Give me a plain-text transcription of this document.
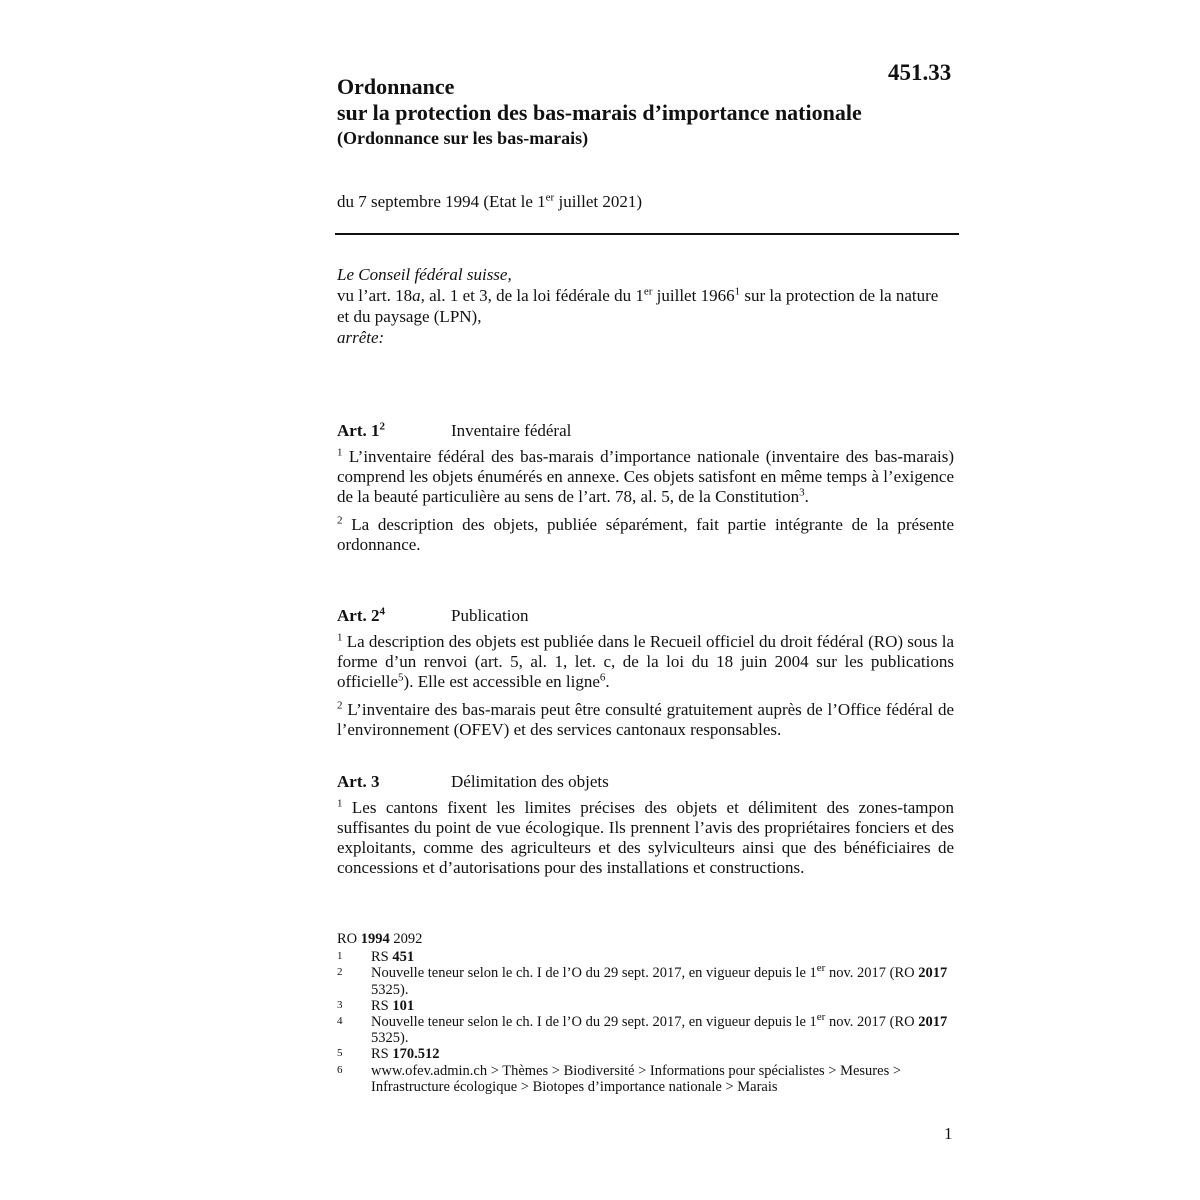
451.33
Ordonnance
sur la protection des bas-marais d’importance nationale
(Ordonnance sur les bas-marais)
du 7 septembre 1994 (Etat le 1er juillet 2021)
Le Conseil fédéral suisse,
vu l’art. 18a, al. 1 et 3, de la loi fédérale du 1er juillet 1966$^1$ sur la protection de la nature et du paysage (LPN),
arrête:
Art. $1^2$	Inventaire fédéral

$^1$ L’inventaire fédéral des bas-marais d’importance nationale (inventaire des bas-marais) comprend les objets énumérés en annexe. Ces objets satisfont en même temps à l’exigence de la beauté particulière au sens de l’art. 78, al. 5, de la Constitution$^3$.

$^2$ La description des objets, publiée séparément, fait partie intégrante de la présente ordonnance.

Art. $2^4$	Publication

$^1$ La description des objets est publiée dans le Recueil officiel du droit fédéral (RO) sous la forme d’un renvoi (art. 5, al. 1, let. c, de la loi du 18 juin 2004 sur les publications officielle$^5$). Elle est accessible en ligne$^6$.

$^2$ L’inventaire des bas-marais peut être consulté gratuitement auprès de l’Office fédéral de l’environnement (OFEV) et des services cantonaux responsables.

Art. 3	Délimitation des objets

$^1$ Les cantons fixent les limites précises des objets et délimitent des zones-tampon suffisantes du point de vue écologique. Ils prennent l’avis des propriétaires fonciers et des exploitants, comme des agriculteurs et des sylviculteurs ainsi que des bénéficiaires de concessions et d’autorisations pour des installations et constructions.

RO 1994 2092
1	RS 451
2	Nouvelle teneur selon le ch. I de l’O du 29 sept. 2017, en vigueur depuis le 1er nov. 2017 (RO 2017 5325).
3	RS 101
4	Nouvelle teneur selon le ch. I de l’O du 29 sept. 2017, en vigueur depuis le 1er nov. 2017 (RO 2017 5325).
5	RS 170.512
6	www.ofev.admin.ch > Thèmes > Biodiversité > Informations pour spécialistes > Mesures > Infrastructure écologique > Biotopes d’importance nationale > Marais
1
